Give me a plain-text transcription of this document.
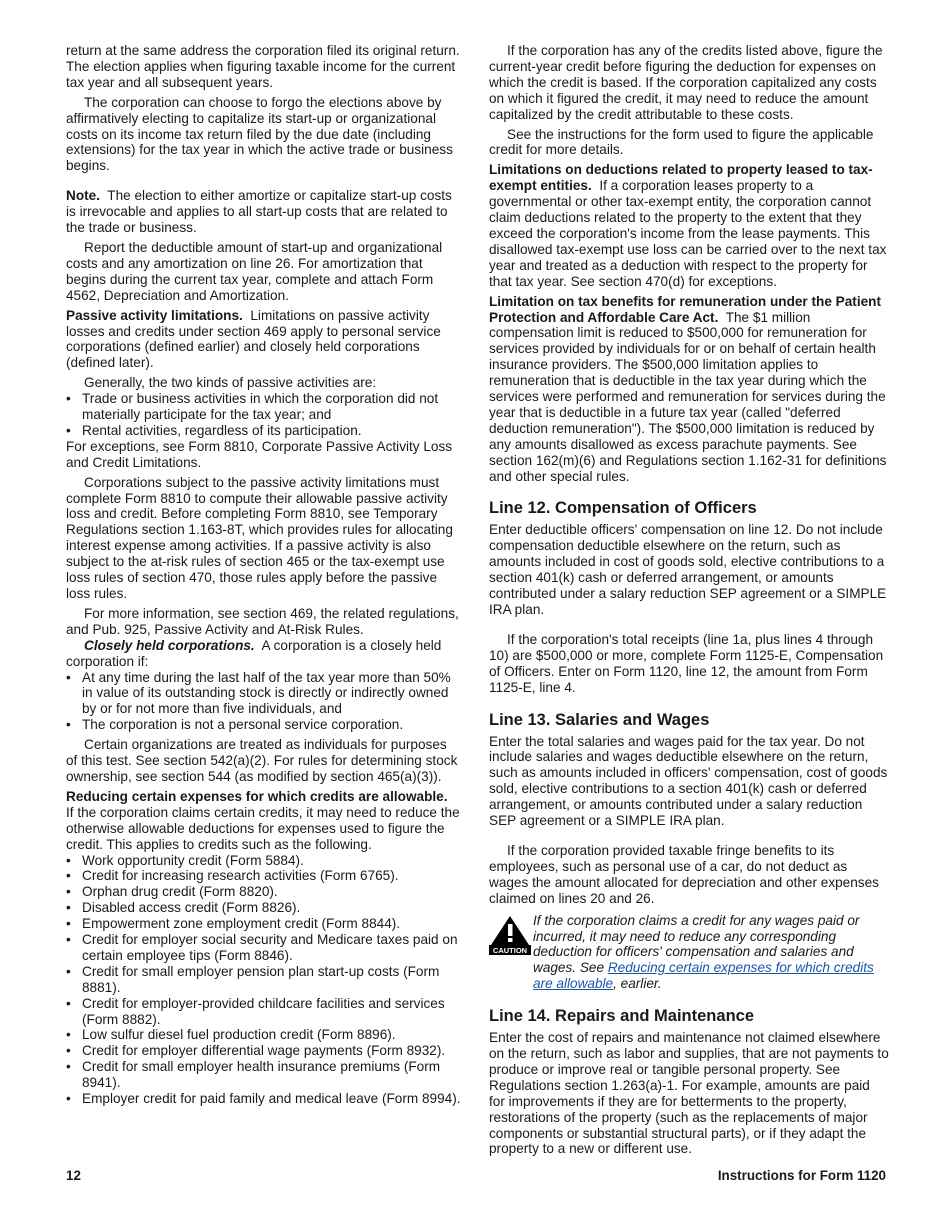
return at the same address the corporation filed its original return. The election applies when figuring taxable income for the current tax year and all subsequent years.

The corporation can choose to forgo the elections above by affirmatively electing to capitalize its start-up or organizational costs on its income tax return filed by the due date (including extensions) for the tax year in which the active trade or business begins.

Note. The election to either amortize or capitalize start-up costs is irrevocable and applies to all start-up costs that are related to the trade or business.

Report the deductible amount of start-up and organizational costs and any amortization on line 26. For amortization that begins during the current tax year, complete and attach Form 4562, Depreciation and Amortization.

Passive activity limitations. Limitations on passive activity losses and credits under section 469 apply to personal service corporations (defined earlier) and closely held corporations (defined later).

Generally, the two kinds of passive activities are:

• Trade or business activities in which the corporation did not materially participate for the tax year; and

• Rental activities, regardless of its participation.

For exceptions, see Form 8810, Corporate Passive Activity Loss and Credit Limitations.

Corporations subject to the passive activity limitations must complete Form 8810 to compute their allowable passive activity loss and credit. Before completing Form 8810, see Temporary Regulations section 1.163-8T, which provides rules for allocating interest expense among activities. If a passive activity is also subject to the at-risk rules of section 465 or the tax-exempt use loss rules of section 470, those rules apply before the passive loss rules.

For more information, see section 469, the related regulations, and Pub. 925, Passive Activity and At-Risk Rules.

Closely held corporations. A corporation is a closely held corporation if:

• At any time during the last half of the tax year more than 50% in value of its outstanding stock is directly or indirectly owned by or for not more than five individuals, and

• The corporation is not a personal service corporation.

Certain organizations are treated as individuals for purposes of this test. See section 542(a)(2). For rules for determining stock ownership, see section 544 (as modified by section 465(a)(3)).

Reducing certain expenses for which credits are allowable.

If the corporation claims certain credits, it may need to reduce the otherwise allowable deductions for expenses used to figure the credit. This applies to credits such as the following.

• Work opportunity credit (Form 5884).

• Credit for increasing research activities (Form 6765).

• Orphan drug credit (Form 8820).

• Disabled access credit (Form 8826).

• Empowerment zone employment credit (Form 8844).

• Credit for employer social security and Medicare taxes paid on certain employee tips (Form 8846).

• Credit for small employer pension plan start-up costs (Form 8881).

• Credit for employer-provided childcare facilities and services (Form 8882).

• Low sulfur diesel fuel production credit (Form 8896).

• Credit for employer differential wage payments (Form 8932).

• Credit for small employer health insurance premiums (Form 8941).

• Employer credit for paid family and medical leave (Form 8994).

If the corporation has any of the credits listed above, figure the current-year credit before figuring the deduction for expenses on which the credit is based. If the corporation capitalized any costs on which it figured the credit, it may need to reduce the amount capitalized by the credit attributable to these costs.

See the instructions for the form used to figure the applicable credit for more details.

Limitations on deductions related to property leased to tax-exempt entities. If a corporation leases property to a governmental or other tax-exempt entity, the corporation cannot claim deductions related to the property to the extent that they exceed the corporation's income from the lease payments. This disallowed tax-exempt use loss can be carried over to the next tax year and treated as a deduction with respect to the property for that tax year. See section 470(d) for exceptions.

Limitation on tax benefits for remuneration under the Patient Protection and Affordable Care Act. The $1 million compensation limit is reduced to $500,000 for remuneration for services provided by individuals for or on behalf of certain health insurance providers. The $500,000 limitation applies to remuneration that is deductible in the tax year during which the services were performed and remuneration for services during the year that is deductible in a future tax year (called "deferred deduction remuneration"). The $500,000 limitation is reduced by any amounts disallowed as excess parachute payments. See section 162(m)(6) and Regulations section 1.162-31 for definitions and other special rules.

Line 12. Compensation of Officers

Enter deductible officers' compensation on line 12. Do not include compensation deductible elsewhere on the return, such as amounts included in cost of goods sold, elective contributions to a section 401(k) cash or deferred arrangement, or amounts contributed under a salary reduction SEP agreement or a SIMPLE IRA plan.

If the corporation's total receipts (line 1a, plus lines 4 through 10) are $500,000 or more, complete Form 1125-E, Compensation of Officers. Enter on Form 1120, line 12, the amount from Form 1125-E, line 4.

Line 13. Salaries and Wages

Enter the total salaries and wages paid for the tax year. Do not include salaries and wages deductible elsewhere on the return, such as amounts included in officers' compensation, cost of goods sold, elective contributions to a section 401(k) cash or deferred arrangement, or amounts contributed under a salary reduction SEP agreement or a SIMPLE IRA plan.

If the corporation provided taxable fringe benefits to its employees, such as personal use of a car, do not deduct as wages the amount allocated for depreciation and other expenses claimed on lines 20 and 26.

CAUTION

If the corporation claims a credit for any wages paid or incurred, it may need to reduce any corresponding deduction for officers' compensation and salaries and wages. See Reducing certain expenses for which credits are allowable, earlier.

Line 14. Repairs and Maintenance

Enter the cost of repairs and maintenance not claimed elsewhere on the return, such as labor and supplies, that are not payments to produce or improve real or tangible personal property. See Regulations section 1.263(a)-1. For example, amounts are paid for improvements if they are for betterments to the property, restorations of the property (such as the replacements of major components or substantial structural parts), or if they adapt the property to a new or different use.

12	Instructions for Form 1120
